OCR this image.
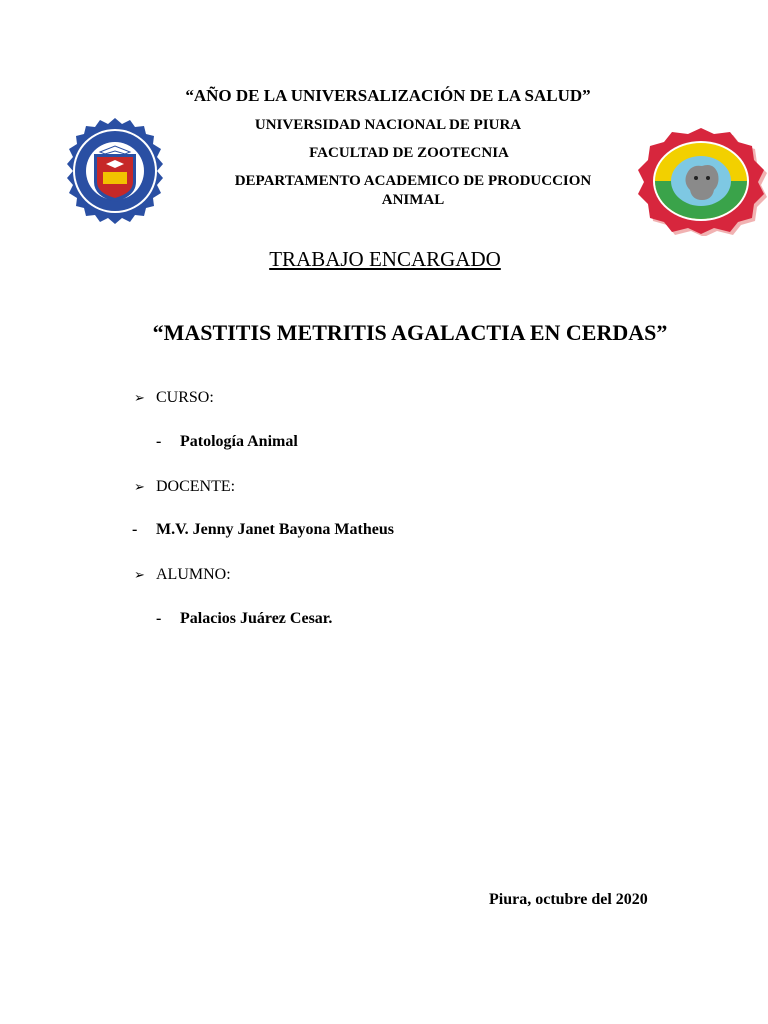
“AÑO DE LA UNIVERSALIZACIÓN DE LA SALUD”
UNIVERSIDAD NACIONAL DE PIURA
FACULTAD DE ZOOTECNIA
DEPARTAMENTO ACADEMICO DE PRODUCCION ANIMAL
TRABAJO ENCARGADO
“MASTITIS METRITIS AGALACTIA EN CERDAS”
➢ CURSO:
- Patología Animal
➢ DOCENTE:
- M.V. Jenny Janet Bayona Matheus
➢ ALUMNO:
- Palacios Juárez Cesar.
Piura, octubre del 2020
